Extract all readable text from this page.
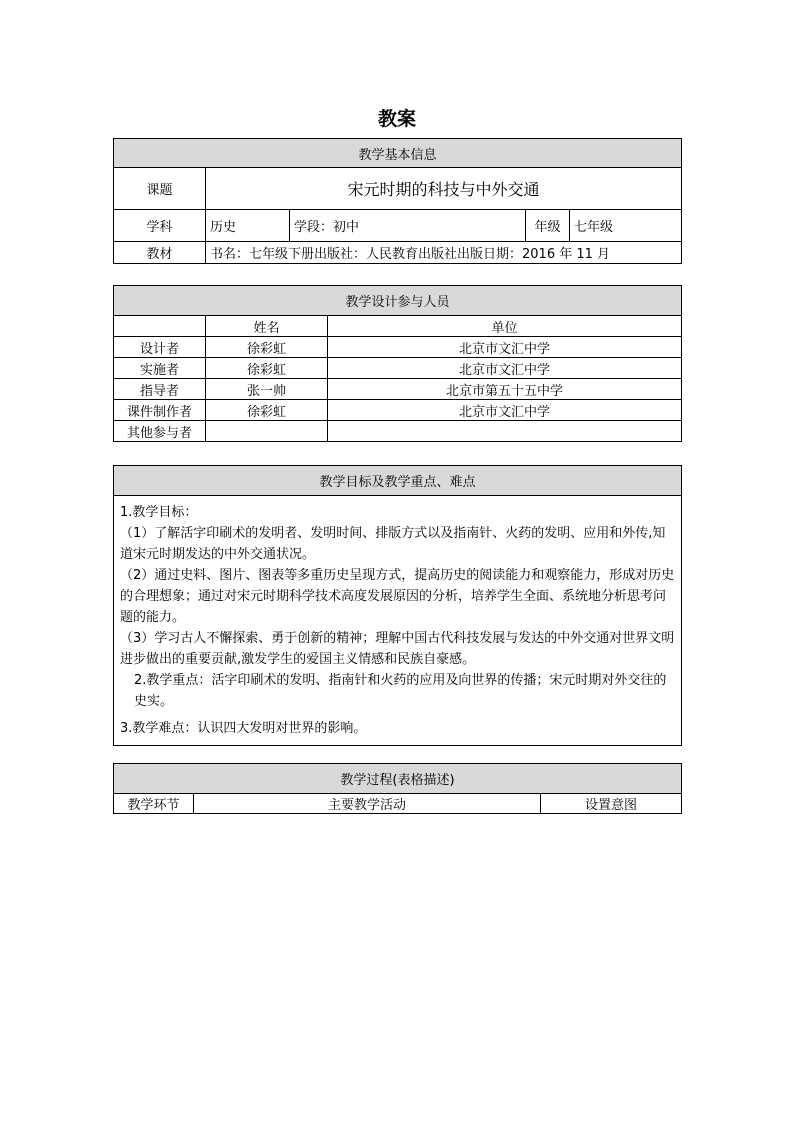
教案
教学基本信息				
课题	宋元时期的科技与中外交通			
学科	历史	学段：初中	年级	七年级
教材	书名：七年级下册出版社：人民教育出版社出版日期：2016 年 11 月			
教学设计参与人员		
	姓名	单位
设计者	徐彩虹	北京市文汇中学
实施者	徐彩虹	北京市文汇中学
指导者	张一帅	北京市第五十五中学
课件制作者	徐彩虹	北京市文汇中学
其他参与者		
教学目标及教学重点、难点

1.教学目标：

（1）了解活字印刷术的发明者、发明时间、排版方式以及指南针、火药的发明、应用和外传,知道宋元时期发达的中外交通状况。

（2）通过史料、图片、图表等多重历史呈现方式，提高历史的阅读能力和观察能力，形成对历史的合理想象；通过对宋元时期科学技术高度发展原因的分析，培养学生全面、系统地分析思考问题的能力。

（3）学习古人不懈探索、勇于创新的精神；理解中国古代科技发展与发达的中外交通对世界文明进步做出的重要贡献,激发学生的爱国主义情感和民族自豪感。

2.教学重点：活字印刷术的发明、指南针和火药的应用及向世界的传播；宋元时期对外交往的史实。

3.教学难点：认识四大发明对世界的影响。

教学过程(表格描述)
教学环节	主要教学活动	设置意图
